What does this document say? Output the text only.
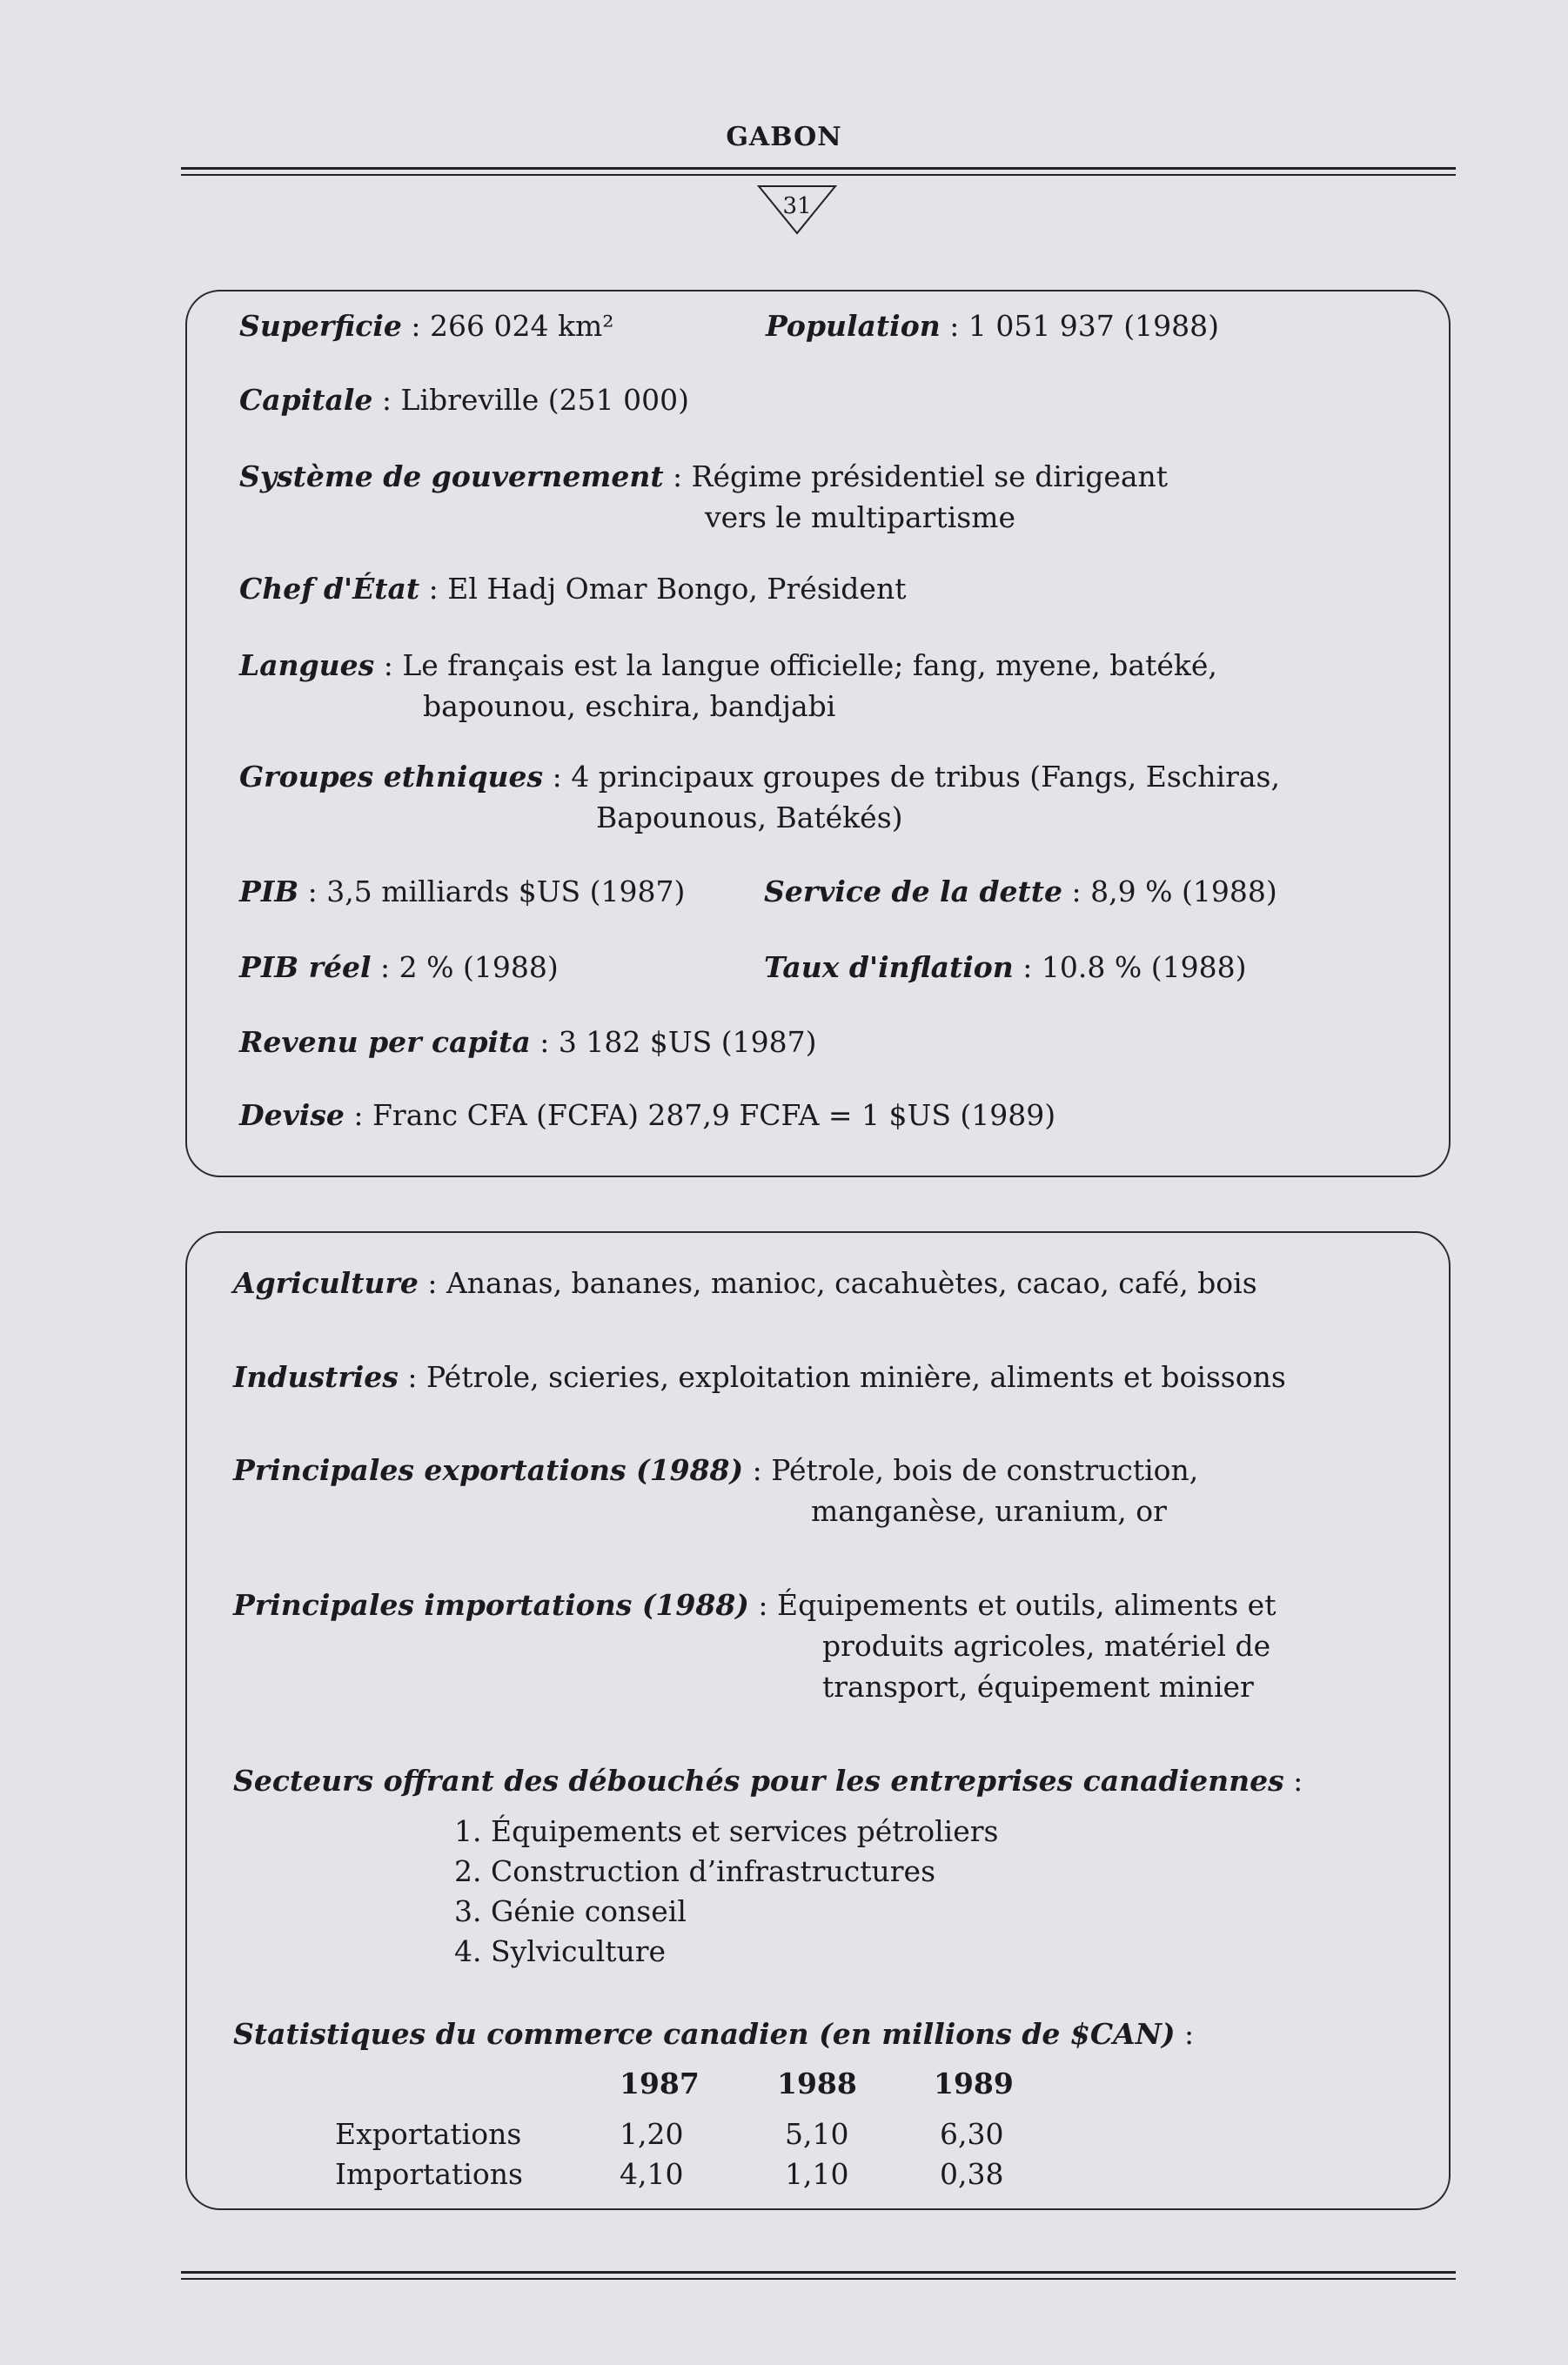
GABON
31
Superficie : 266 024 km²	Population : 1 051 937 (1988)
Capitale : Libreville (251 000)
Système de gouvernement : Régime présidentiel se dirigeant
vers le multipartisme
Chef d'État : El Hadj Omar Bongo, Président
Langues : Le français est la langue officielle; fang, myene, batéké,
bapounou, eschira, bandjabi
Groupes ethniques : 4 principaux groupes de tribus (Fangs, Eschiras,
Bapounous, Batékés)
PIB : 3,5 milliards $US (1987)	Service de la dette : 8,9 % (1988)
PIB réel : 2 % (1988)	Taux d'inflation : 10.8 % (1988)
Revenu per capita : 3 182 $US (1987)
Devise : Franc CFA (FCFA) 287,9 FCFA = 1 $US (1989)
Agriculture : Ananas, bananes, manioc, cacahuètes, cacao, café, bois
Industries : Pétrole, scieries, exploitation minière, aliments et boissons
Principales exportations (1988) : Pétrole, bois de construction,
manganèse, uranium, or
Principales importations (1988) : Équipements et outils, aliments et
produits agricoles, matériel de
transport, équipement minier
Secteurs offrant des débouchés pour les entreprises canadiennes :
1. Équipements et services pétroliers
2. Construction d’infrastructures
3. Génie conseil
4. Sylviculture
Statistiques du commerce canadien (en millions de $CAN) :
1987	1988	1989
Exportations	1,20	5,10	6,30
Importations	4,10	1,10	0,38
